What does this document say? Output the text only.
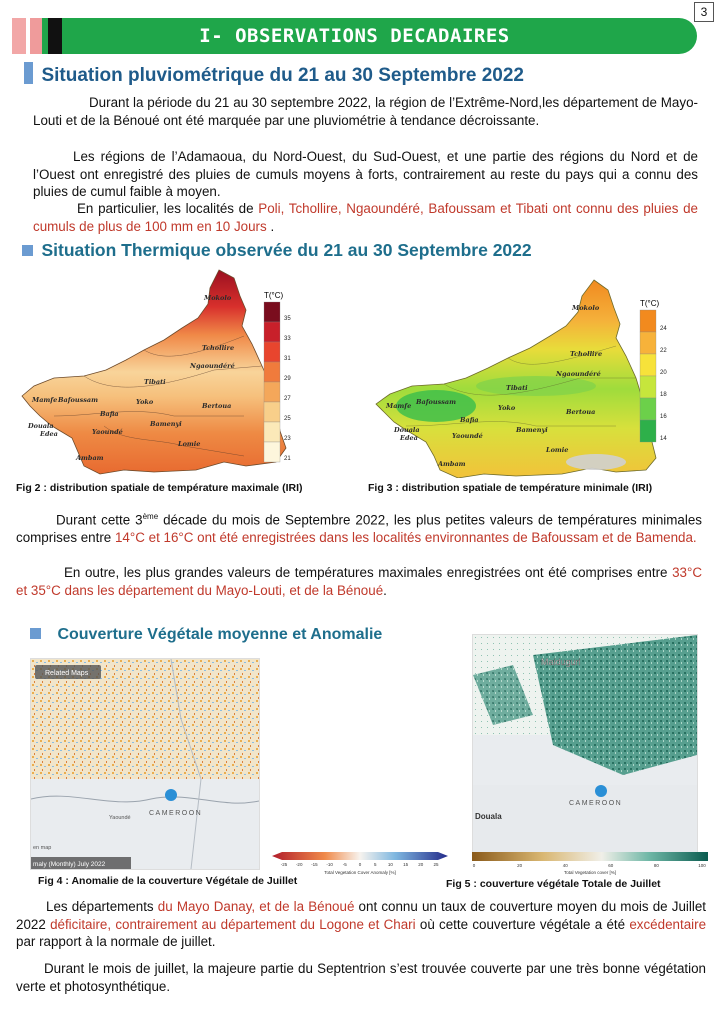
3
I- OBSERVATIONS DECADAIRES
Situation pluviométrique du 21 au 30 Septembre 2022
Durant la période du 21 au 30 septembre 2022, la région de l’Extrême-Nord,les département de Mayo-Louti et de la Bénoué ont été marquée par une pluviométrie à tendance décroissante.
Les régions de l’Adamaoua, du Nord-Ouest, du Sud-Ouest, et une partie des régions du Nord et de l’Ouest ont enregistré des pluies de cumuls moyens à forts, contrairement au reste du pays qui a connu des pluies de cumul faible à moyen.
En particulier, les localités de Poli, Tchollire, Ngaoundéré, Bafoussam et Tibati ont connu des pluies de cumuls de plus de 100 mm en 10 Jours .
Situation Thermique observée du 21 au 30 Septembre 2022
Mokolo
Tchollire
Ngaoundéré
Tibati
Yoko	Bertoua
Bafia
Yaoundé
Douala
Edea
Bamenyi
Lomie
Ambam
Mamfe Bafoussam
T(°C)
35
33
31
29
27
25
23
21
Mokolo
Tchollire
Ngaoundéré
Tibati
Yoko	Bertoua
Bafia
Yaoundé
Douala
Edea
Bamenyi
Lomie
Ambam
Mamfe Bafoussam
T(°C)
24
22
20
18
16
14
Fig 2 : distribution spatiale de température maximale (IRI)	Fig 3 : distribution spatiale de température minimale (IRI)
Durant cette 3ème décade du mois de Septembre 2022, les plus petites valeurs de températures minimales comprises entre 14°C et 16°C ont été enregistrées dans les localités environnantes de Bafoussam et de Bamenda.
En outre, les plus grandes valeurs de températures maximales enregistrées ont été comprises entre 33°C et 35°C dans les département du Mayo-Louti, et de la Bénoué.
Couverture Végétale moyenne et Anomalie
Related Maps
CAMEROON
Yaoundé
maly (Monthly) July 2022
en map
-25 -20 -15 -10 -5	0	5	10 15 20 25
Total Vegetation Cover Anomaly [%]
Maiduguri
CAMEROON
Douala
0	20	40	60	80	100
Total Vegetation cover [%]
Fig 4 : Anomalie de la couverture Végétale de Juillet	Fig 5 : couverture végétale Totale de Juillet
Les départements du Mayo Danay, et de la Bénoué ont connu un taux de couverture moyen du mois de Juillet 2022 déficitaire, contrairement au département du Logone et Chari où cette couverture végétale a été excédentaire par rapport à la normale de juillet.
Durant le mois de juillet, la majeure partie du Septentrion s’est trouvée couverte par une très bonne végétation verte et photosynthétique.
